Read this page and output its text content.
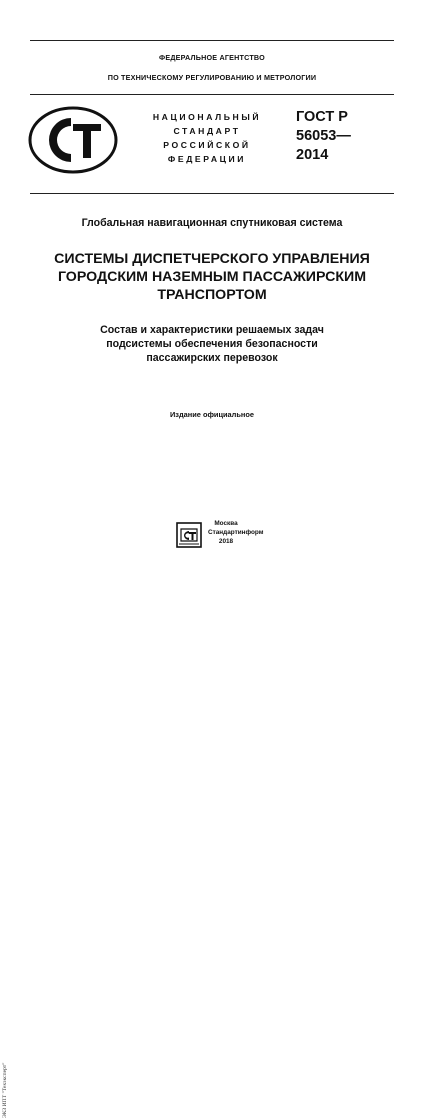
ФЕДЕРАЛЬНОЕ АГЕНТСТВО
ПО ТЕХНИЧЕСКОМУ РЕГУЛИРОВАНИЮ И МЕТРОЛОГИИ
НАЦИОНАЛЬНЫЙ
СТАНДАРТ
РОССИЙСКОЙ
ФЕДЕРАЦИИ
ГОСТ Р
56053—
2014
Глобальная навигационная спутниковая система
СИСТЕМЫ ДИСПЕТЧЕРСКОГО УПРАВЛЕНИЯ
ГОРОДСКИМ НАЗЕМНЫМ ПАССАЖИРСКИМ
ТРАНСПОРТОМ
Состав и характеристики решаемых задач
подсистемы обеспечения безопасности
пассажирских перевозок
Издание официальное
Москва
Стандартинформ
2018
ЭКЗ ИПТ "Техэксперт"
